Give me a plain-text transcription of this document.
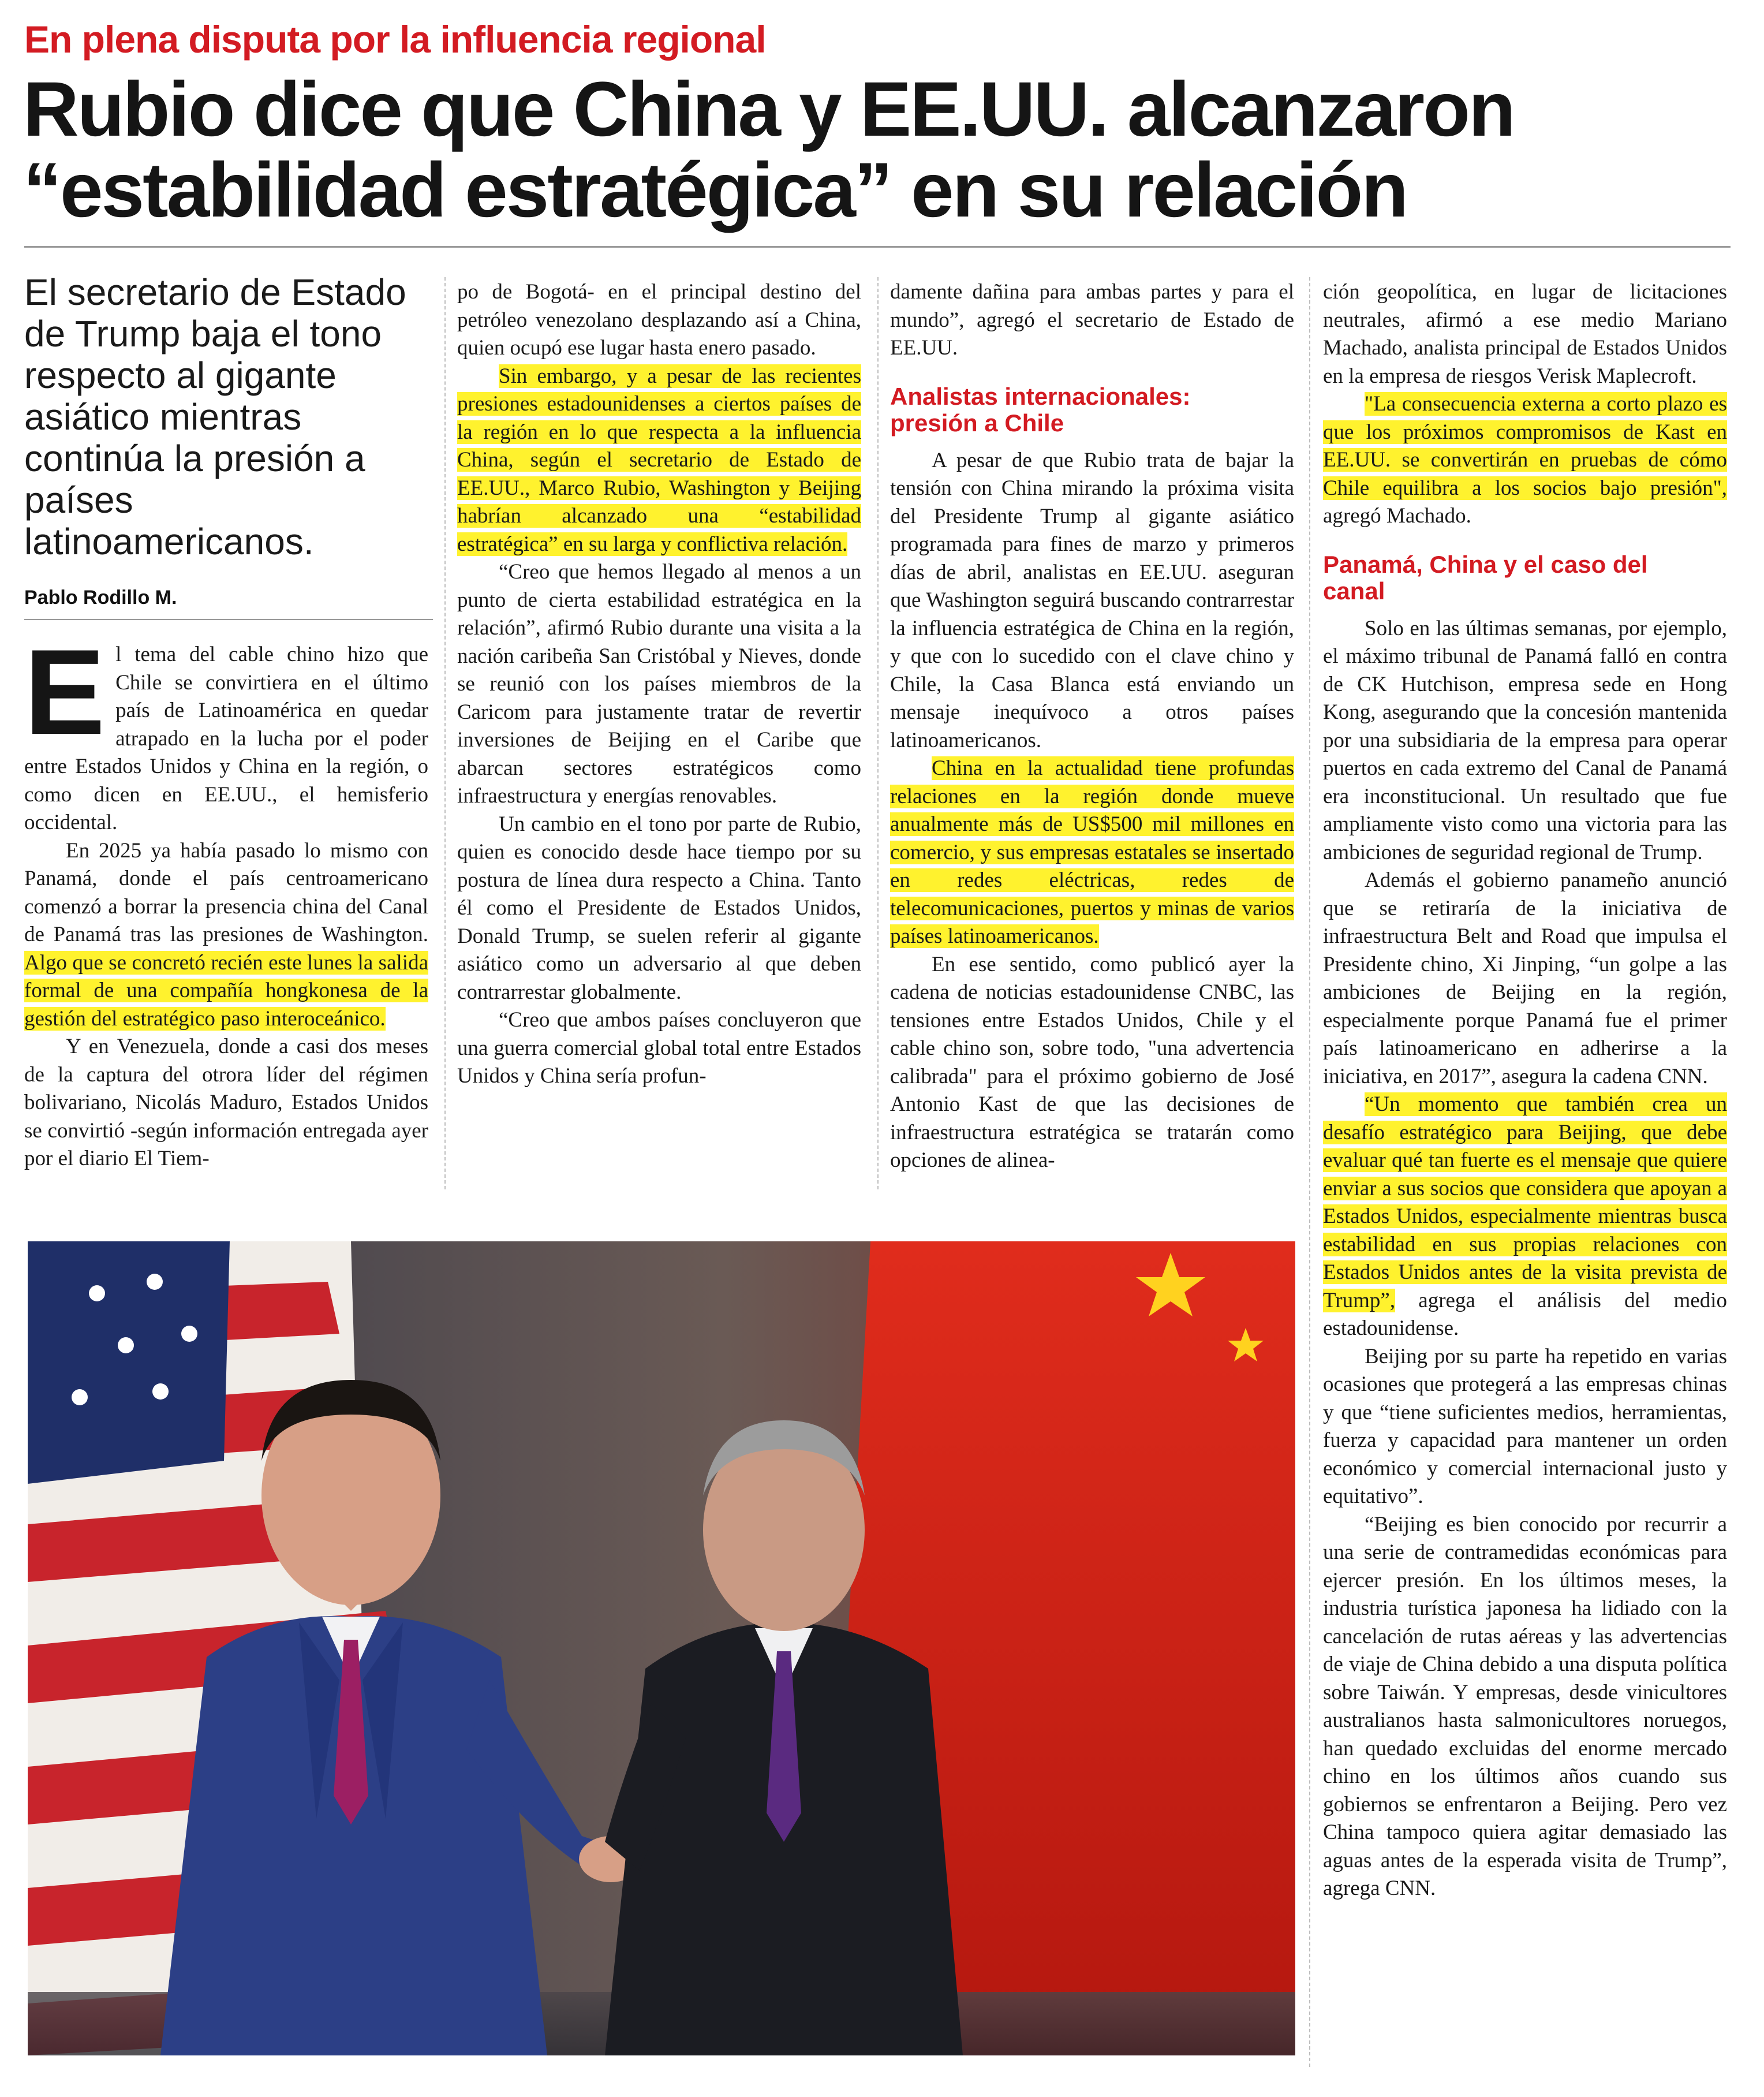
En plena disputa por la influencia regional
Rubio dice que China y EE.UU. alcanzaron
“estabilidad estratégica” en su relación
El secretario de Estado de Trump baja el tono respecto al gigante asiático mientras continúa la presión a países latinoamericanos.
Pablo Rodillo M.

El tema del cable chino hizo que Chile se convirtiera en el último país de Latinoamérica en quedar atrapado en la lucha por el poder entre Estados Unidos y China en la región, o como dicen en EE.UU., el hemisferio occidental.

En 2025 ya había pasado lo mismo con Panamá, donde el país centroamericano comenzó a borrar la presencia china del Canal de Panamá tras las presiones de Washington. Algo que se concretó recién este lunes la salida formal de una compañía hongkonesa de la gestión del estratégico paso interoceánico.

Y en Venezuela, donde a casi dos meses de la captura del otrora líder del régimen bolivariano, Nicolás Maduro, Estados Unidos se convirtió -según información entregada ayer por el diario El Tiem-

po de Bogotá- en el principal destino del petróleo venezolano desplazando así a China, quien ocupó ese lugar hasta enero pasado.

Sin embargo, y a pesar de las recientes presiones estadounidenses a ciertos países de la región en lo que respecta a la influencia China, según el secretario de Estado de EE.UU., Marco Rubio, Washington y Beijing habrían alcanzado una “estabilidad estratégica” en su larga y conflictiva relación.

“Creo que hemos llegado al menos a un punto de cierta estabilidad estratégica en la relación”, afirmó Rubio durante una visita a la nación caribeña San Cristóbal y Nieves, donde se reunió con los países miembros de la Caricom para justamente tratar de revertir inversiones de Beijing en el Caribe que abarcan sectores estratégicos como infraestructura y energías renovables.

Un cambio en el tono por parte de Rubio, quien es conocido desde hace tiempo por su postura de línea dura respecto a China. Tanto él como el Presidente de Estados Unidos, Donald Trump, se suelen referir al gigante asiático como un adversario al que deben contrarrestar globalmente.

“Creo que ambos países concluyeron que una guerra comercial global total entre Estados Unidos y China sería profun-

damente dañina para ambas partes y para el mundo”, agregó el secretario de Estado de EE.UU.

Analistas internacionales:
presión a Chile

A pesar de que Rubio trata de bajar la tensión con China mirando la próxima visita del Presidente Trump al gigante asiático programada para fines de marzo y primeros días de abril, analistas en EE.UU. aseguran que Washington seguirá buscando contrarrestar la influencia estratégica de China en la región, y que con lo sucedido con el clave chino y Chile, la Casa Blanca está enviando un mensaje inequívoco a otros países latinoamericanos.

China en la actualidad tiene profundas relaciones en la región donde mueve anualmente más de US$500 mil millones en comercio, y sus empresas estatales se insertado en redes eléctricas, redes de telecomunicaciones, puertos y minas de varios países latinoamericanos.

En ese sentido, como publicó ayer la cadena de noticias estadounidense CNBC, las tensiones entre Estados Unidos, Chile y el cable chino son, sobre todo, "una advertencia calibrada" para el próximo gobierno de José Antonio Kast de que las decisiones de infraestructura estratégica se tratarán como opciones de alinea-

ción geopolítica, en lugar de licitaciones neutrales, afirmó a ese medio Mariano Machado, analista principal de Estados Unidos en la empresa de riesgos Verisk Maplecroft.

"La consecuencia externa a corto plazo es que los próximos compromisos de Kast en EE.UU. se convertirán en pruebas de cómo Chile equilibra a los socios bajo presión", agregó Machado.

Panamá, China y el caso del
canal

Solo en las últimas semanas, por ejemplo, el máximo tribunal de Panamá falló en contra de CK Hutchison, empresa sede en Hong Kong, asegurando que la concesión mantenida por una subsidiaria de la empresa para operar puertos en cada extremo del Canal de Panamá era inconstitucional. Un resultado que fue ampliamente visto como una victoria para las ambiciones de seguridad regional de Trump.

Además el gobierno panameño anunció que se retiraría de la iniciativa de infraestructura Belt and Road que impulsa el Presidente chino, Xi Jinping, “un golpe a las ambiciones de Beijing en la región, especialmente porque Panamá fue el primer país latinoamericano en adherirse a la iniciativa, en 2017”, asegura la cadena CNN.

“Un momento que también crea un desafío estratégico para Beijing, que debe evaluar qué tan fuerte es el mensaje que quiere enviar a sus socios que considera que apoyan a Estados Unidos, especialmente mientras busca estabilidad en sus propias relaciones con Estados Unidos antes de la visita prevista de Trump”, agrega el análisis del medio estadounidense.

Beijing por su parte ha repetido en varias ocasiones que protegerá a las empresas chinas y que “tiene suficientes medios, herramientas, fuerza y capacidad para mantener un orden económico y comercial internacional justo y equitativo”.

“Beijing es bien conocido por recurrir a una serie de contramedidas económicas para ejercer presión. En los últimos meses, la industria turística japonesa ha lidiado con la cancelación de rutas aéreas y las advertencias de viaje de China debido a una disputa política sobre Taiwán. Y empresas, desde vinicultores australianos hasta salmonicultores noruegos, han quedado excluidas del enorme mercado chino en los últimos años cuando sus gobiernos se enfrentaron a Beijing. Pero vez China tampoco quiera agitar demasiado las aguas antes de la esperada visita de Trump”, agrega CNN.
